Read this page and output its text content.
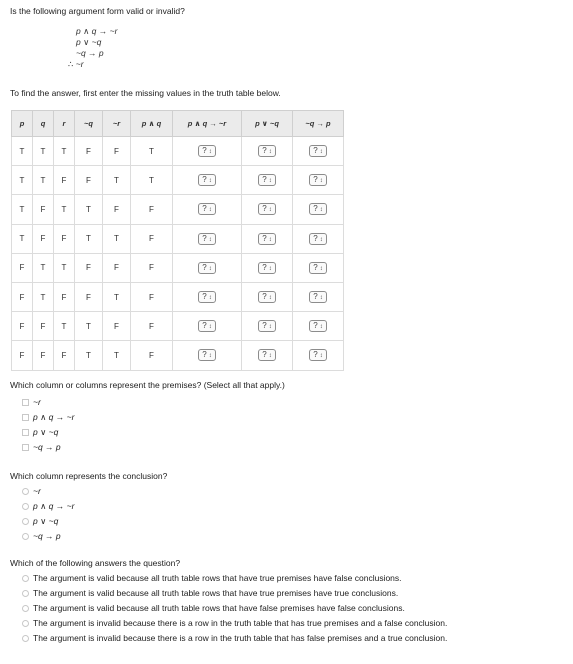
Is the following argument form valid or invalid?
p ∧ q → ~r
p ∨ ~q
~q → p
∴ ~r
To find the answer, first enter the missing values in the truth table below.
p	q	r	~q	~r	p ∧ q	p ∧ q → ~r	p ∨ ~q	~q → p
T	T	T	F	F	T	? ↕	? ↕	? ↕
T	T	F	F	T	T	? ↕	? ↕	? ↕
T	F	T	T	F	F	? ↕	? ↕	? ↕
T	F	F	T	T	F	? ↕	? ↕	? ↕
F	T	T	F	F	F	? ↕	? ↕	? ↕
F	T	F	F	T	F	? ↕	? ↕	? ↕
F	F	T	T	F	F	? ↕	? ↕	? ↕
F	F	F	T	T	F	? ↕	? ↕	? ↕
Which column or columns represent the premises? (Select all that apply.)
~r
p ∧ q → ~r
p ∨ ~q
~q → p
Which column represents the conclusion?
~r
p ∧ q → ~r
p ∨ ~q
~q → p
Which of the following answers the question?
The argument is valid because all truth table rows that have true premises have false conclusions.
The argument is valid because all truth table rows that have true premises have true conclusions.
The argument is valid because all truth table rows that have false premises have false conclusions.
The argument is invalid because there is a row in the truth table that has true premises and a false conclusion.
The argument is invalid because there is a row in the truth table that has false premises and a true conclusion.
